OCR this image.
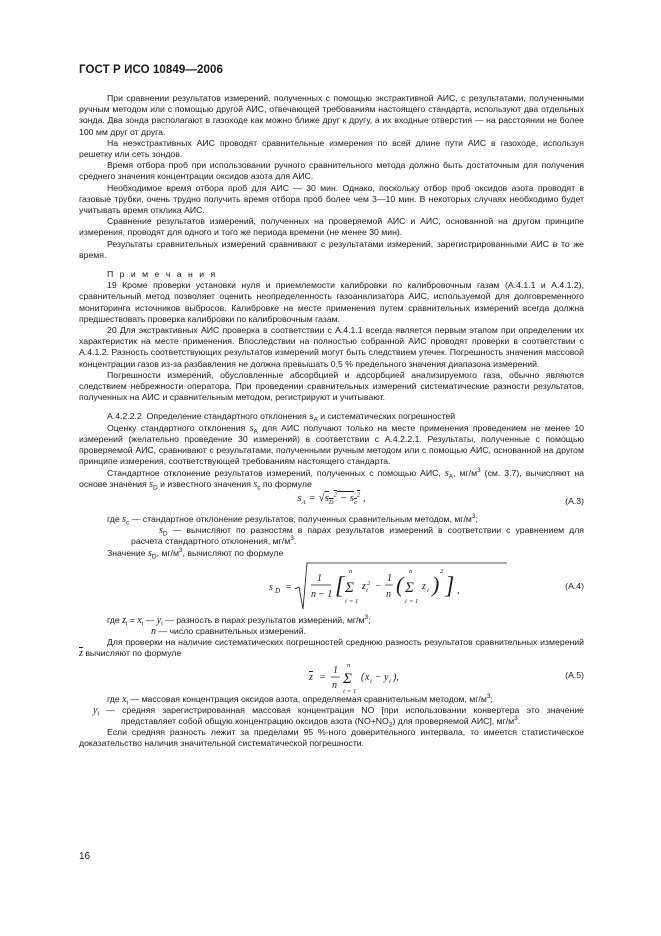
ГОСТ Р ИСО 10849—2006

При сравнении результатов измерений, полученных с помощью экстрактивной АИС, с результатами, полученными ручным методом или с помощью другой АИС, отвечающей требованиям настоящего стандарта, используют два отдельных зонда. Два зонда располагают в газоходе как можно ближе друг к другу, а их входные отверстия — на расстоянии не более 100 мм друг от друга.

На неэкстрактивных АИС проводят сравнительные измерения по всей длине пути АИС в газоходе, используя решетку или сеть зондов.

Время отбора проб при использовании ручного сравнительного метода должно быть достаточным для получения среднего значения концентрации оксидов азота для АИС.

Необходимое время отбора проб для АИС — 30 мин. Однако, поскольку отбор проб оксидов азота проводят в газовые трубки, очень трудно получить время отбора проб более чем 3—10 мин. В некоторых случаях необходимо будет учитывать время отклика АИС.

Сравнение результатов измерений, полученных на проверяемой АИС и АИС, основанной на другом принципе измерения, проводят для одного и того же периода времени (не менее 30 мин).

Результаты сравнительных измерений сравнивают с результатами измерений, зарегистрированными АИС в то же время.

П р и м е ч а н и я

19 Кроме проверки установки нуля и приемлемости калибровки по калибровочным газам (A.4.1.1 и A.4.1.2), сравнительный метод позволяет оценить неопределенность газоанализатора АИС, используемой для долговременного мониторинга источников выбросов. Калибровке на месте применения путем сравнительных измерений всегда должна предшествовать проверка калибровки по калибровочным газам.

20 Для экстрактивных АИС проверка в соответствии с А.4.1.1 всегда является первым этапом при определении их характеристик на месте применения. Впоследствии на полностью собранной АИС проводят проверки в соответствии с А.4.1.2. Разность соответствующих результатов измерений могут быть следствием утечек. Погрешность значения массовой концентрации газов из-за разбавления не должна превышать 0,5 % предельного значения диапазона измерений.

Погрешности измерений, обусловленные абсорбцией и адсорбцией анализируемого газа, обычно являются следствием небрежности оператора. При проведении сравнительных измерений систематические разности результатов, полученных на АИС и сравнительным методом, регистрируют и учитывают.

А.4.2.2.2 Определение стандартного отклонения $s_A$ и систематических погрешностей

Оценку стандартного отклонения $s_A$ для АИС получают только на месте применения проведением не менее 10 измерений (желательно проведение 30 измерений) в соответствии с А.4.2.2.1. Результаты, полученные с помощью проверяемой АИС, сравнивают с результатами, полученными ручным методом или с помощью АИС, основанной на другом принципе измерения, соответствующей требованиям настоящего стандарта.

Стандартное отклонение результатов измерений, полученных с помощью АИС, $s_A$, $мг/м^3$ (см. 3.7), вычисляют на основе значения $s_D$ и известного значения $s_c$ по формуле

$s_A = √s_D^2 - s_c^2$ ,	(А.3)

где $s_c$ — стандартное отклонение результатов, полученных сравнительным методом, $мг/м^3$;

$s_D$ — вычисляют по разностям в парах результатов измерений в соответствии с уравнением для расчета стандартного отклонения, $мг/м^3$.

Значение $s_D$, $мг/м^3$, вычисляют по формуле

s D =
1
n − 1 [
n
Σ
i = 1
z 2
i −
1
n (
n
Σ
i = 1
z i )
2
] ,	(А.4)

где $z_i = x_i$ — $y_i$ — разность в парах результатов измерений, $мг/м^3$;

n — число сравнительных измерений.

Для проверки на наличие систематических погрешностей среднюю разность результатов сравнительных измерений $\overline{z}$ вычисляют по формуле

z =
1
n
n
Σ
i = 1
( x i − y i ),	(А.5)

где $x_i$ — массовая концентрация оксидов азота, определяемая сравнительным методом, $мг/м^3$;

$y_i$ — средняя зарегистрированная массовая концентрация NO [при использовании конвертера это значение представляет собой общую концентрацию оксидов азота $(NO+NO_2)$ для проверяемой АИС], $мг/м^3$.

Если средняя разность лежит за пределами 95 %-ного доверительного интервала, то имеется статистическое доказательство наличия значительной систематической погрешности.

16
